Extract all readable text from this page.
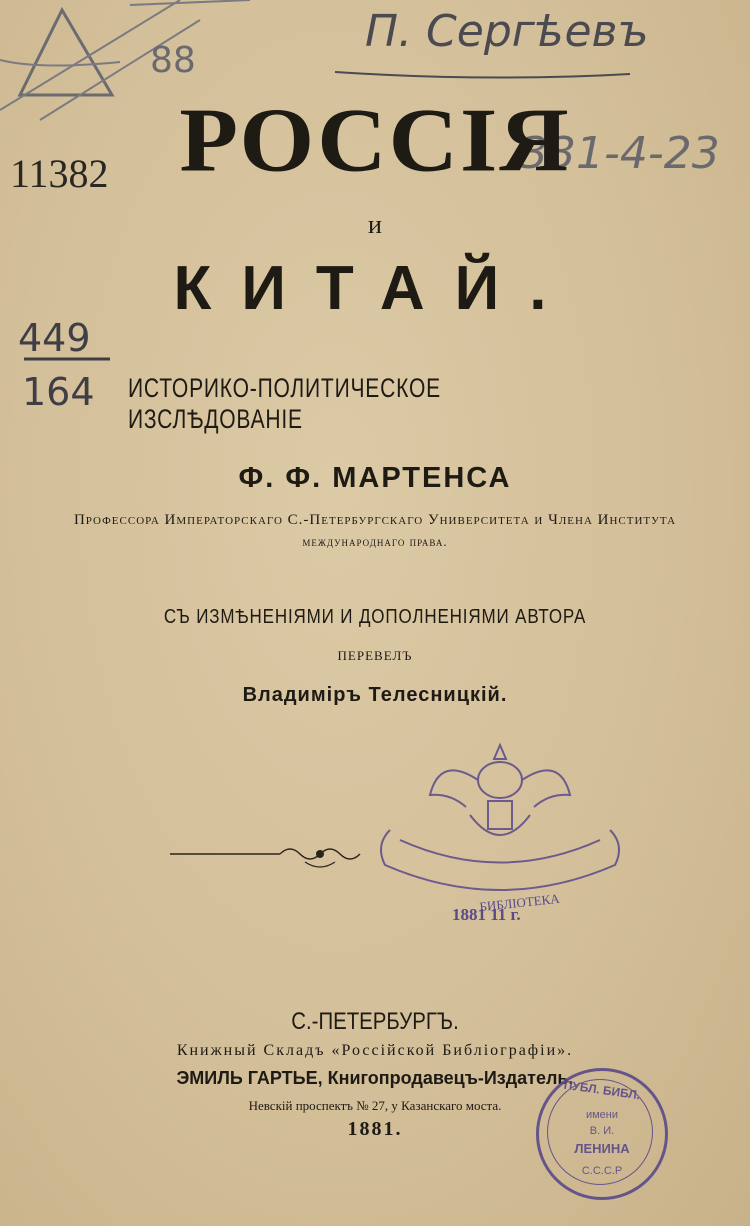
88

П. Сергѣевъ

11382	331-4-23

449

164

РОССІЯ

и

КИТАЙ.

ИСТОРИКО-ПОЛИТИЧЕСКОЕ ИЗСЛѢДОВАНІЕ

Ф. Ф. МАРТЕНСА

Профессора Императорскаго С.-Петербургскаго Университета и Члена Института

международнаго права.

СЪ ИЗМѢНЕНІЯМИ И ДОПОЛНЕНІЯМИ АВТОРА

ПЕРЕВЕЛЪ

Владиміръ Телесницкій.

БИБЛІОТЕКА

1881 11 г.

С.-ПЕТЕРБУРГЪ.

Книжный Складъ «Россійской Библіографіи».

ЭМИЛЬ ГАРТЬЕ, Книгопродавецъ-Издатель.

Невскій проспектъ № 27, у Казанскаго моста.

1881.

ПУБЛ. БИБЛ.

имени

В. И.

ЛЕНИНА

С.С.С.Р
